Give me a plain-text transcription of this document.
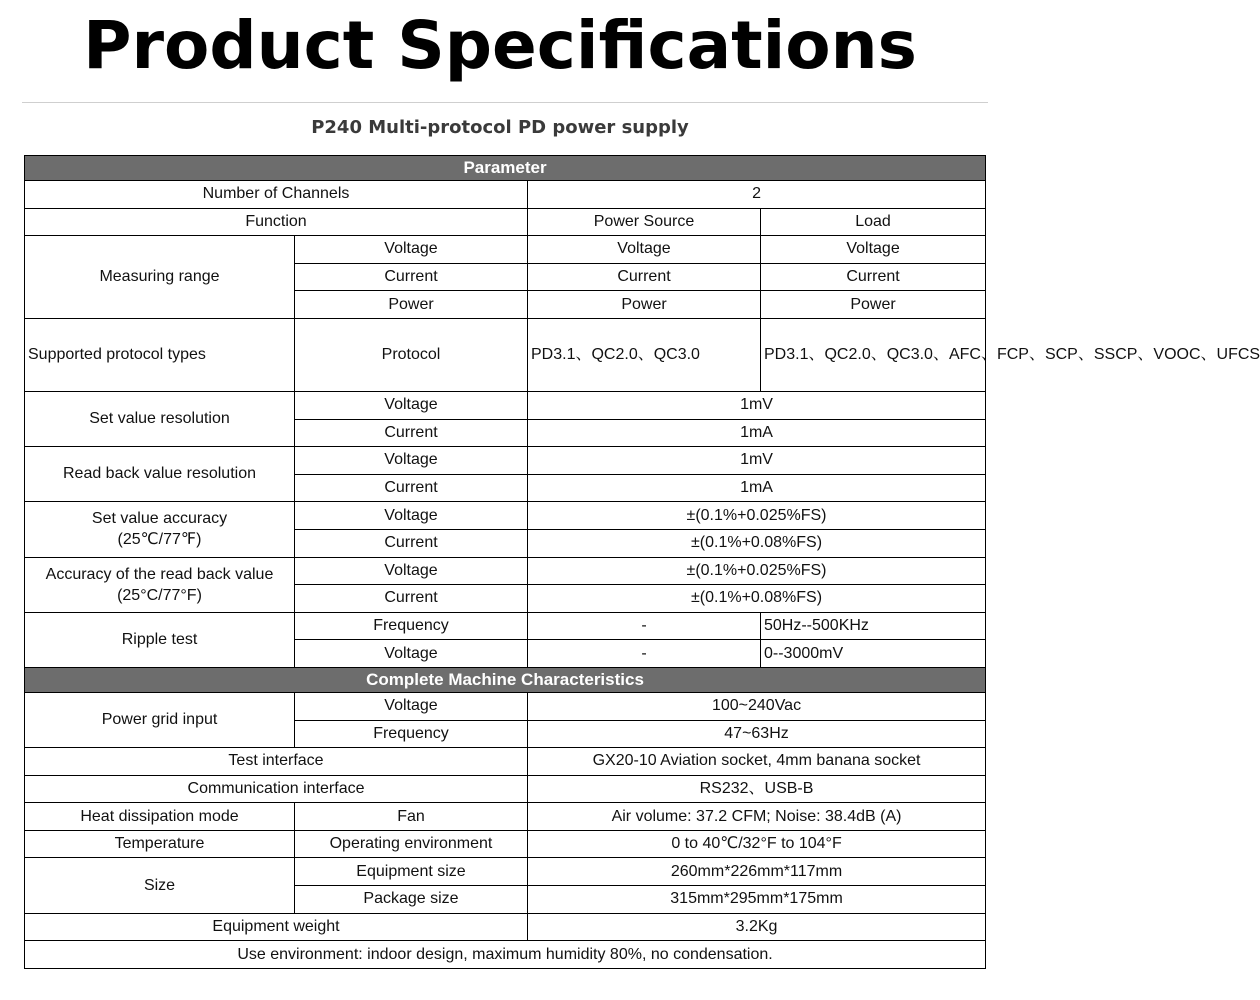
Product Specifications
P240 Multi-protocol PD power supply
Parameter			
Number of Channels		2	
Function		Power Source	Load
Measuring range	Voltage	Voltage	Voltage
	Current	Current	Current
	Power	Power	Power
Supported protocol types	Protocol	PD3.1、QC2.0、QC3.0	PD3.1、QC2.0、QC3.0、AFC、FCP、SCP、SSCP、VOOC、UFCS
Set value resolution	Voltage	1mV	
	Current	1mA	
Read back value resolution	Voltage	1mV	
	Current	1mA	

Set value accuracy
(25℃/77℉)	Voltage	±(0.1%+0.025%FS)	
	Current	±(0.1%+0.08%FS)	

Accuracy of the read back value
(25°C/77°F)	Voltage	±(0.1%+0.025%FS)	
	Current	±(0.1%+0.08%FS)	
Ripple test	Frequency	-	50Hz--500KHz
	Voltage	-	0--3000mV
Complete Machine Characteristics			
Power grid input	Voltage	100~240Vac	
	Frequency	47~63Hz	
Test interface		GX20-10 Aviation socket, 4mm banana socket	
Communication interface		RS232、USB-B	
Heat dissipation mode	Fan	Air volume: 37.2 CFM; Noise: 38.4dB (A)	
Temperature	Operating environment	0 to 40℃/32°F to 104°F	
Size	Equipment size	260mm*226mm*117mm	
	Package size	315mm*295mm*175mm	
Equipment weight		3.2Kg	
Use environment: indoor design, maximum humidity 80%, no condensation.			
